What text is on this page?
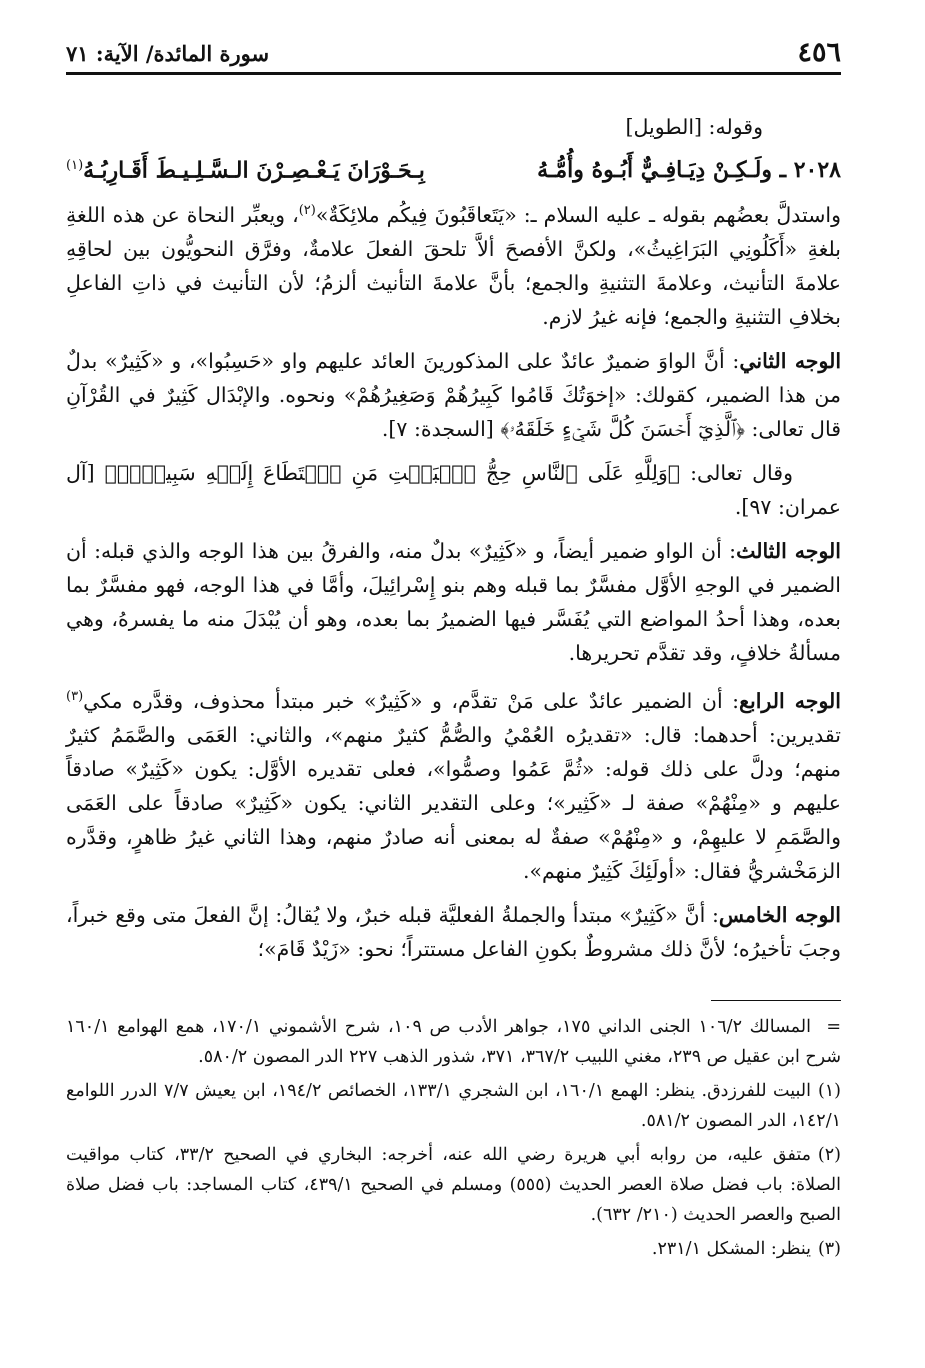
٤٥٦
سورة المائدة/ الآية: ٧١

وقوله: [الطويل]

٢٠٢٨ ـ ولَـكِـنْ دِيَـافِـيٌّ أَبُـوهُ وأُمُّـهُ
بِـحَـوْرَانَ يَـعْـصِـرْنَ الـسَّـلِـيـطَ أَقَـارِبُـهُ$^{(١)}$

واستدلَّ بعضُهم بقوله ـ عليه السلام ـ: «يَتَعاقَبُونَ فِيكُم ملائِكَةٌ»$^{(٢)}$، ويعبِّر النحاة عن هذه اللغةِ بلغةِ «أَكَلُونِي البَرَاغِيثُ»، ولكنَّ الأفصحَ ألاَّ تلحقَ الفعلَ علامةٌ، وفرَّق النحويُّون بين لحاقِهِ علامةَ التأنيث، وعلامةَ التثنيةِ والجمع؛ بأنَّ علامةَ التأنيث ألزمُ؛ لأن التأنيث في ذاتِ الفاعلِ بخلافِ التثنيةِ والجمع؛ فإنه غيرُ لازم.

الوجه الثاني: أنَّ الواوَ ضميرٌ عائدٌ على المذكورينَ العائد عليهم واو «حَسِبُوا»، و «كَثِيرٌ» بدلٌ من هذا الضمير، كقولك: «إخوَتُكَ قَامُوا كَبِيرُهُمْ وَصَغِيرُهُمْ» ونحوه. والإبْدَال كَثِيرٌ في القُرْآنِ قال تعالى: ﴿ٱلَّذِيٓ أَحۡسَنَ كُلَّ شَيۡءٍ خَلَقَهُۥ﴾ [السجدة: ٧].

وقال تعالى: ﴿وَلِلَّهِ عَلَى ٱلنَّاسِ حِجُّ ٱلۡبَيۡتِ مَنِ ٱسۡتَطَاعَ إِلَيۡهِ سَبِيلٗاۚ﴾ [آل عمران: ٩٧].

الوجه الثالث: أن الواو ضمير أيضاً، و «كَثِيرٌ» بدلٌ منه، والفرقُ بين هذا الوجه والذي قبله: أن الضمير في الوجهِ الأوَّل مفسَّرٌ بما قبله وهم بنو إِسْرائِيلَ، وأمَّا في هذا الوجه، فهو مفسَّرٌ بما بعده، وهذا أحدُ المواضع التي يُفَسَّر فيها الضميرُ بما بعده، وهو أن يُبْدَلَ منه ما يفسرهُ، وهي مسألةُ خلافٍ، وقد تقدَّم تحريرها.

الوجه الرابع: أن الضمير عائدٌ على مَنْ تقدَّم، و «كَثِيرٌ» خبر مبتدأ محذوف، وقدَّره مكي$^{(٣)}$ تقديرين: أحدهما: قال: «تقديرُه العُمْيُ والصُّمُّ كثيرٌ منهم»، والثاني: العَمَى والصَّمَمُ كثيرٌ منهم؛ ودلَّ على ذلك قوله: «ثُمَّ عَمُوا وصمُّوا»، فعلى تقديره الأوَّل: يكون «كَثِيرٌ» صادقاً عليهم و «مِنْهُمْ» صفة لـ «كَثِير»؛ وعلى التقدير الثاني: يكون «كَثِيرٌ» صادقاً على العَمَى والصَّمَمِ لا عليهِمْ، و «مِنْهُمْ» صفةٌ له بمعنى أنه صادرٌ منهم، وهذا الثاني غيرُ ظاهرٍ، وقدَّره الزمَخْشريُّ فقال: «أولَئِكَ كَثِيرٌ منهم».

الوجه الخامس: أنَّ «كَثِيرٌ» مبتدأ والجملةُ الفعليَّة قبله خبرٌ، ولا يُقالُ: إنَّ الفعلَ متى وقع خبراً، وجبَ تأخيرُه؛ لأنَّ ذلك مشروطٌ بكونِ الفاعل مستتراً؛ نحو: «زَيْدٌ قَامَ»؛

=المسالك ١٠٦/٢ الجنى الداني ١٧٥، جواهر الأدب ص ١٠٩، شرح الأشموني ١٧٠/١، همع الهوامع ١٦٠/١ شرح ابن عقيل ص ٢٣٩، مغني اللبيب ٣٦٧/٢، ٣٧١، شذور الذهب ٢٢٧ الدر المصون ٥٨٠/٢.

(١)البيت للفرزدق. ينظر: الهمع ١٦٠/١، ابن الشجري ١٣٣/١، الخصائص ١٩٤/٢، ابن يعيش ٧/٧ الدرر اللوامع ١٤٢/١، الدر المصون ٥٨١/٢.

(٢)متفق عليه، من روابه أبي هريرة رضي الله عنه، أخرجه: البخاري في الصحيح ٣٣/٢، كتاب مواقيت الصلاة: باب فضل صلاة العصر الحديث (٥٥٥) ومسلم في الصحيح ٤٣٩/١، كتاب المساجد: باب فضل صلاة الصبح والعصر الحديث (٢١٠/ ٦٣٢).

(٣)ينظر: المشكل ٢٣١/١.
